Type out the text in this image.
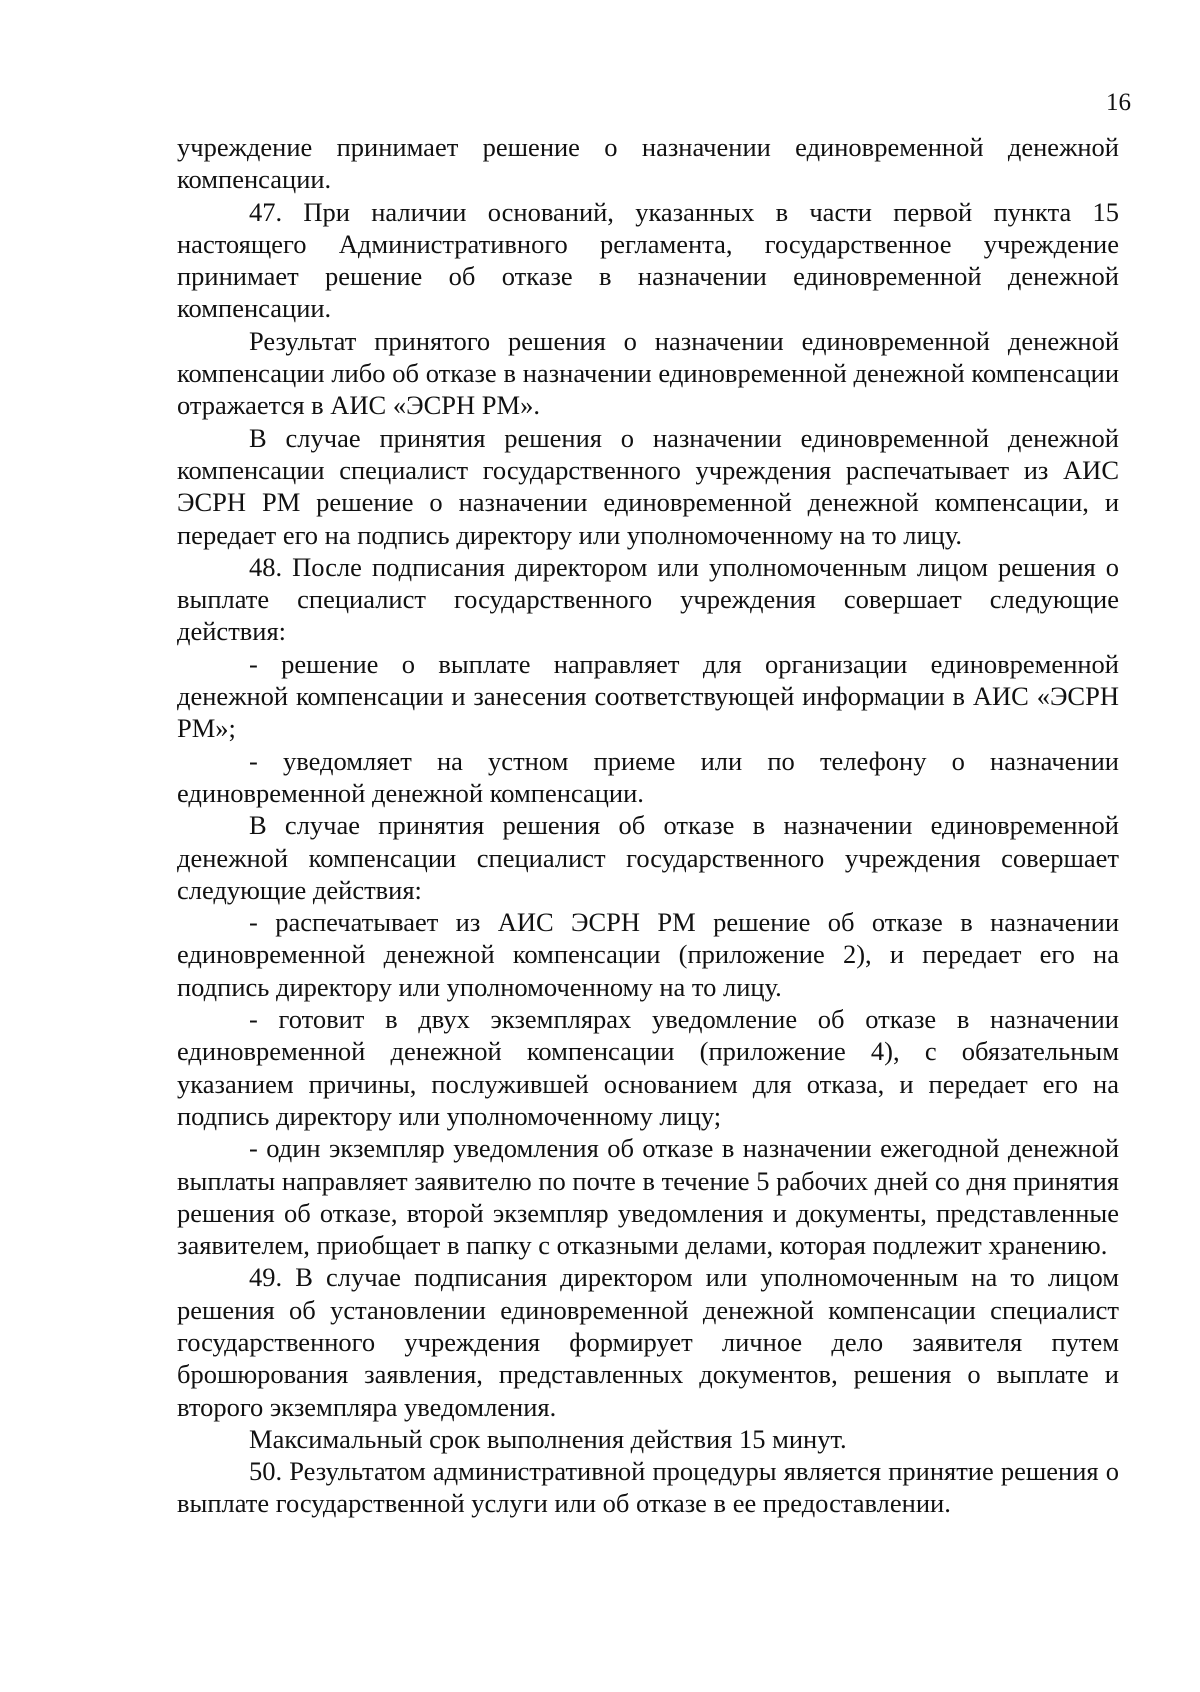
16

учреждение принимает решение о назначении единовременной денежной компенсации.

47. При наличии оснований, указанных в части первой пункта 15 настоящего Административного регламента, государственное учреждение принимает решение об отказе в назначении единовременной денежной компенсации.

Результат принятого решения о назначении единовременной денежной компенсации либо об отказе в назначении единовременной денежной компенсации отражается в АИС «ЭСРН РМ».

В случае принятия решения о назначении единовременной денежной компенсации специалист государственного учреждения распечатывает из АИС ЭСРН РМ решение о назначении единовременной денежной компенсации, и передает его на подпись директору или уполномоченному на то лицу.

48. После подписания директором или уполномоченным лицом решения о выплате специалист государственного учреждения совершает следующие действия:

- решение о выплате направляет для организации единовременной денежной компенсации и занесения соответствующей информации в АИС «ЭСРН РМ»;

- уведомляет на устном приеме или по телефону о назначении единовременной денежной компенсации.

В случае принятия решения об отказе в назначении единовременной денежной компенсации специалист государственного учреждения совершает следующие действия:

- распечатывает из АИС ЭСРН РМ решение об отказе в назначении единовременной денежной компенсации (приложение 2), и передает его на подпись директору или уполномоченному на то лицу.

- готовит в двух экземплярах уведомление об отказе в назначении единовременной денежной компенсации (приложение 4), с обязательным указанием причины, послужившей основанием для отказа, и передает его на подпись директору или уполномоченному лицу;

- один экземпляр уведомления об отказе в назначении ежегодной денежной выплаты направляет заявителю по почте в течение 5 рабочих дней со дня принятия решения об отказе, второй экземпляр уведомления и документы, представленные заявителем, приобщает в папку с отказными делами, которая подлежит хранению.

49. В случае подписания директором или уполномоченным на то лицом решения об установлении единовременной денежной компенсации специалист государственного учреждения формирует личное дело заявителя путем брошюрования заявления, представленных документов, решения о выплате и второго экземпляра уведомления.

Максимальный срок выполнения действия 15 минут.

50. Результатом административной процедуры является принятие решения о выплате государственной услуги или об отказе в ее предоставлении.
